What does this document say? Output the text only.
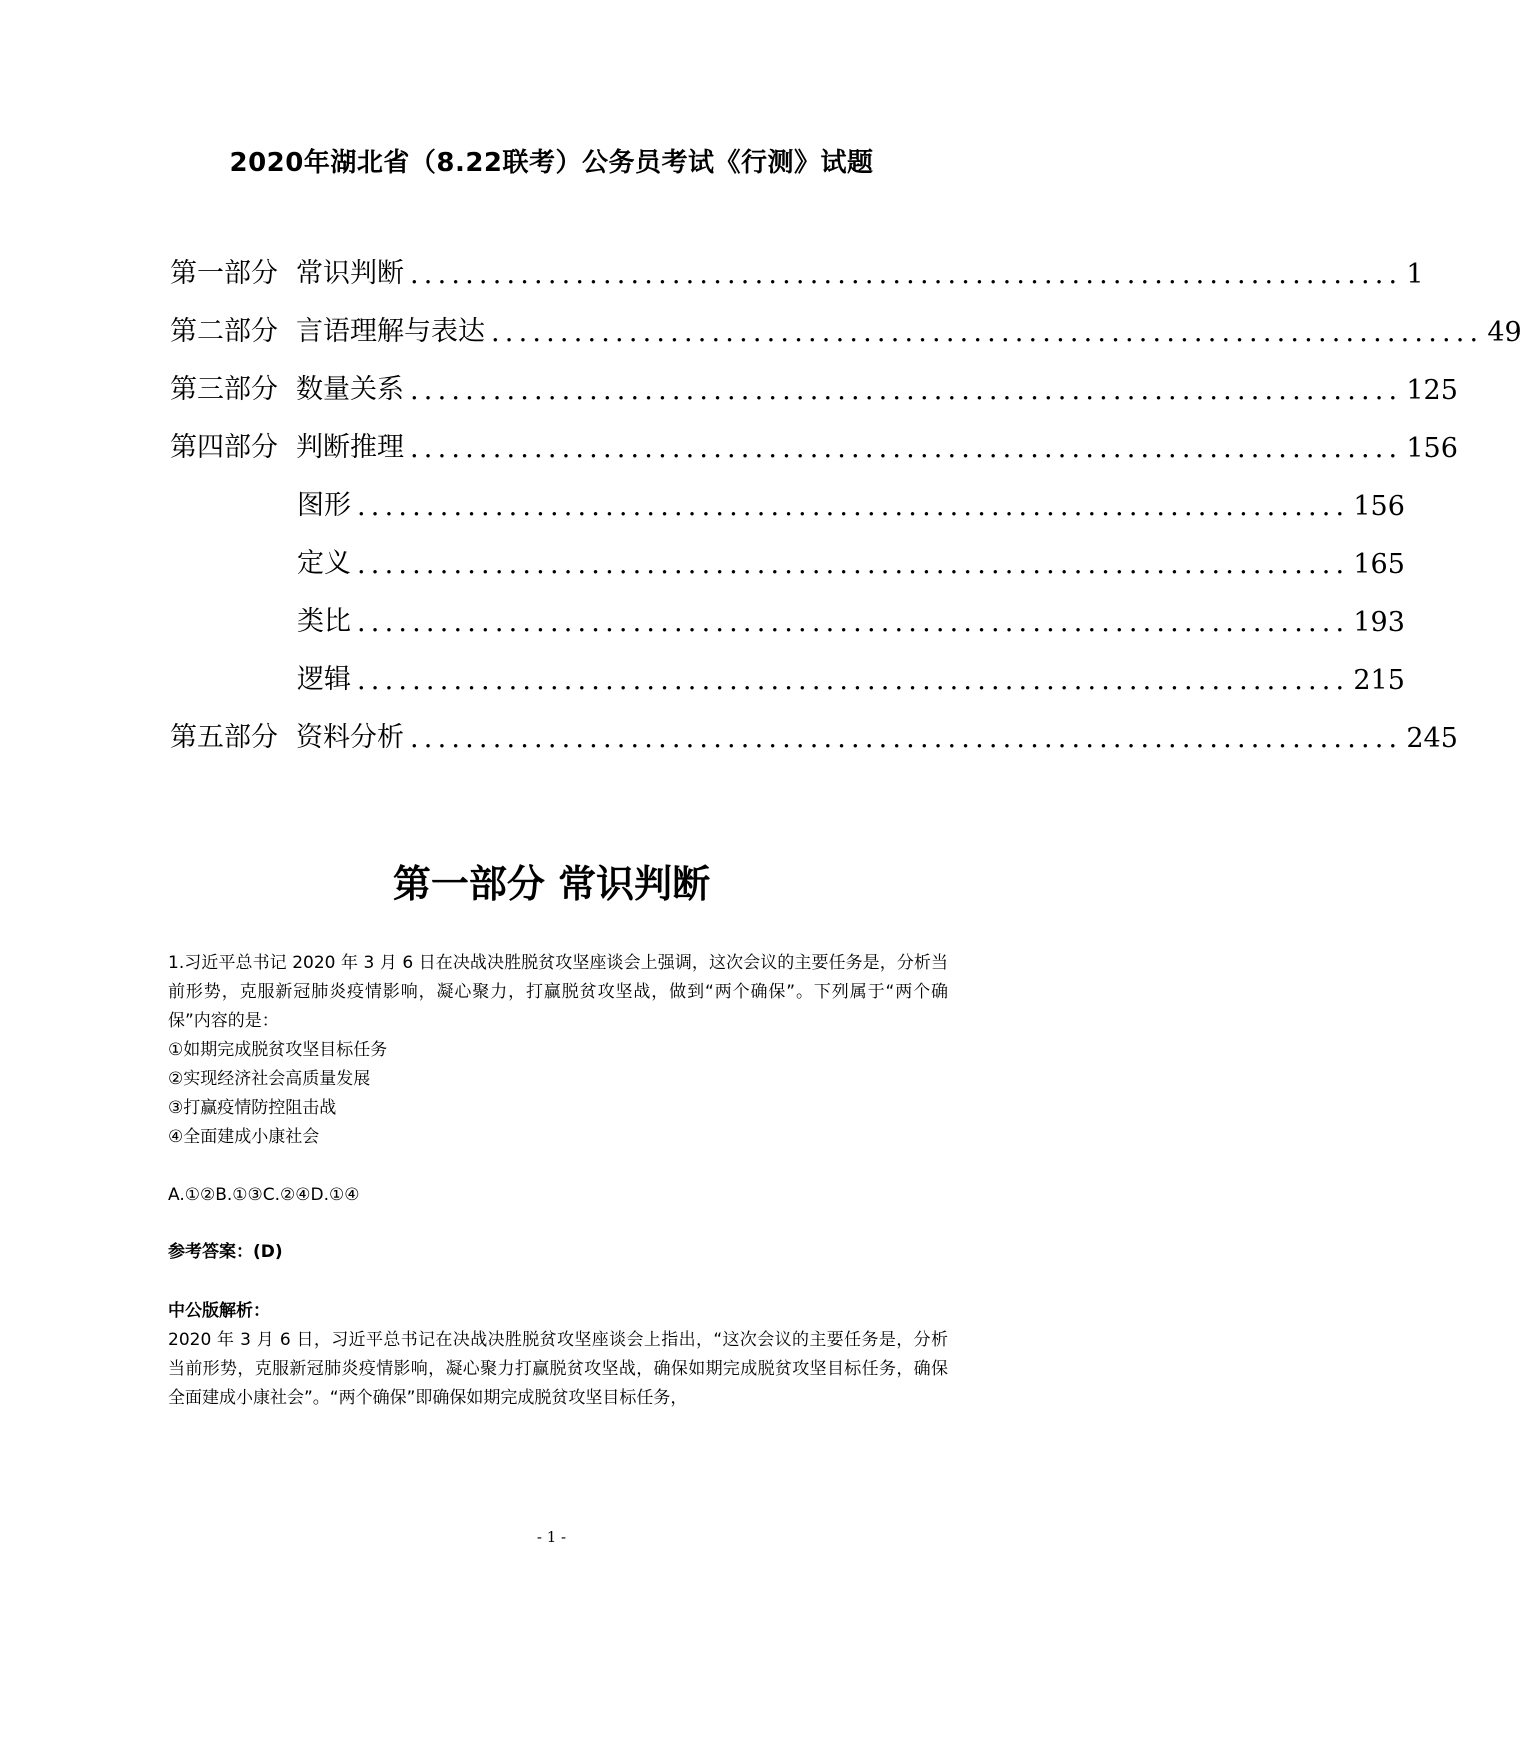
2020年湖北省（8.22联考）公务员考试《行测》试题
第一部分 常识判断 ........................................................................ 1
第二部分 言语理解与表达 ........................................................................ 49
第三部分 数量关系 ........................................................................ 125
第四部分 判断推理 ........................................................................ 156
图形 ........................................................................ 156
定义 ........................................................................ 165
类比 ........................................................................ 193
逻辑 ........................................................................ 215
第五部分 资料分析 ........................................................................ 245
第一部分 常识判断

1.习近平总书记 2020 年 3 月 6 日在决战决胜脱贫攻坚座谈会上强调，这次会议的主要任务是，分析当前形势，克服新冠肺炎疫情影响，凝心聚力，打赢脱贫攻坚战，做到“两个确保”。下列属于“两个确保”内容的是：

①如期完成脱贫攻坚目标任务

②实现经济社会高质量发展

③打赢疫情防控阻击战

④全面建成小康社会

A.①②B.①③C.②④D.①④
参考答案：(D)

中公版解析：

2020 年 3 月 6 日，习近平总书记在决战决胜脱贫攻坚座谈会上指出，“这次会议的主要任务是，分析当前形势，克服新冠肺炎疫情影响，凝心聚力打赢脱贫攻坚战，确保如期完成脱贫攻坚目标任务，确保全面建成小康社会”。“两个确保”即确保如期完成脱贫攻坚目标任务，

- 1 -
